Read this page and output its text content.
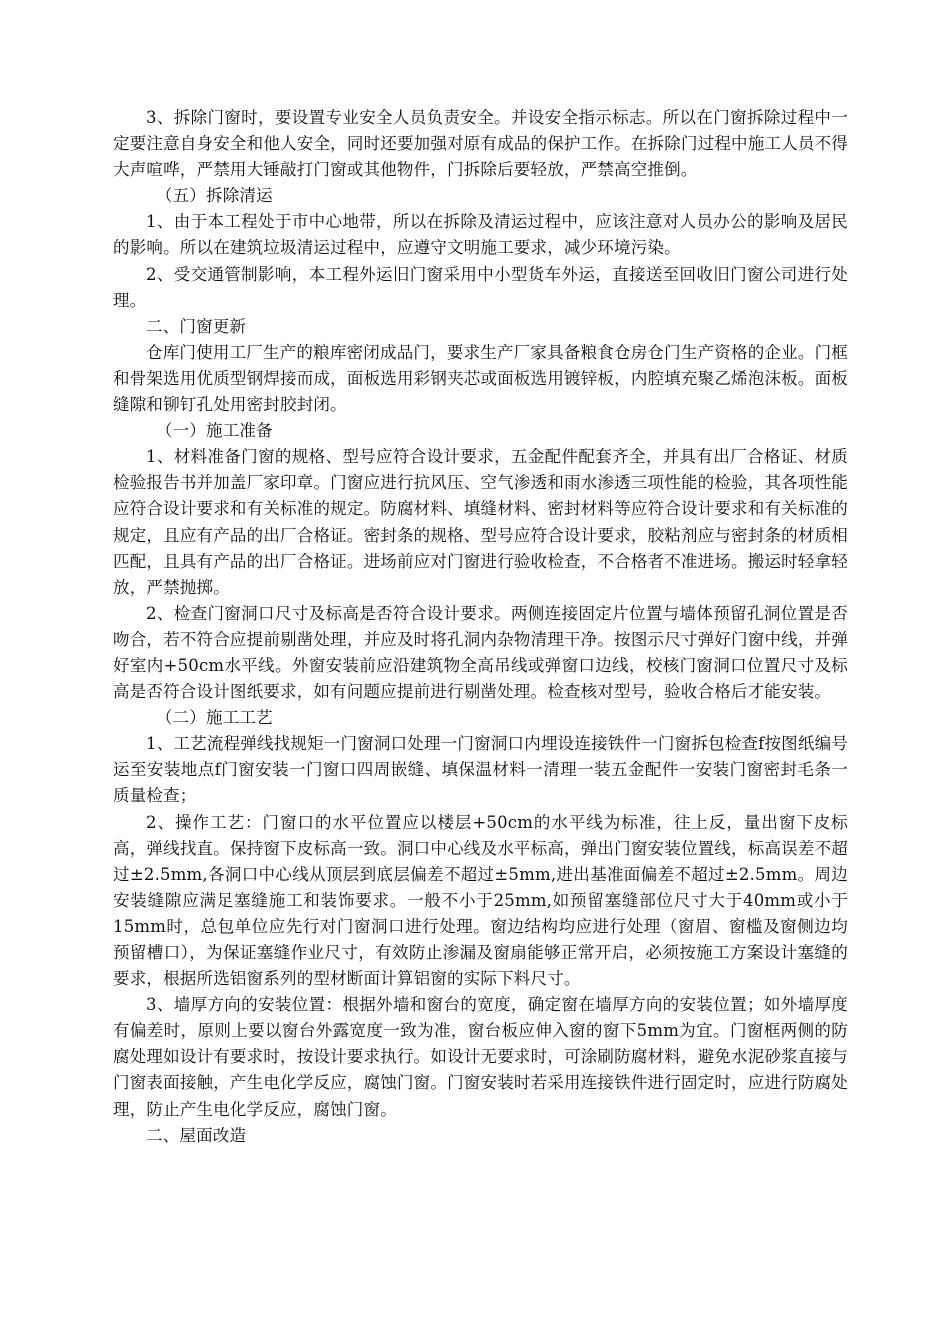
3、拆除门窗时，要设置专业安全人员负责安全。并设安全指示标志。所以在门窗拆除过程中一定要注意自身安全和他人安全，同时还要加强对原有成品的保护工作。在拆除门过程中施工人员不得大声喧哗，严禁用大锤敲打门窗或其他物件，门拆除后要轻放，严禁高空推倒。

（五）拆除清运

1、由于本工程处于市中心地带，所以在拆除及清运过程中，应该注意对人员办公的影响及居民的影响。所以在建筑垃圾清运过程中，应遵守文明施工要求，减少环境污染。

2、受交通管制影响，本工程外运旧门窗采用中小型货车外运，直接送至回收旧门窗公司进行处理。

二、门窗更新

仓库门使用工厂生产的粮库密闭成品门，要求生产厂家具备粮食仓房仓门生产资格的企业。门框和骨架选用优质型钢焊接而成，面板选用彩钢夹芯或面板选用镀锌板，内腔填充聚乙烯泡沫板。面板缝隙和铆钉孔处用密封胶封闭。

（一）施工准备

1、材料准备门窗的规格、型号应符合设计要求，五金配件配套齐全，并具有出厂合格证、材质检验报告书并加盖厂家印章。门窗应进行抗风压、空气渗透和雨水渗透三项性能的检验，其各项性能应符合设计要求和有关标准的规定。防腐材料、填缝材料、密封材料等应符合设计要求和有关标准的规定，且应有产品的出厂合格证。密封条的规格、型号应符合设计要求，胶粘剂应与密封条的材质相匹配，且具有产品的出厂合格证。进场前应对门窗进行验收检查，不合格者不准进场。搬运时轻拿轻放，严禁抛掷。

2、检查门窗洞口尺寸及标高是否符合设计要求。两侧连接固定片位置与墙体预留孔洞位置是否吻合，若不符合应提前剔凿处理，并应及时将孔洞内杂物清理干净。按图示尺寸弹好门窗中线，并弹好室内+50cm水平线。外窗安装前应沿建筑物全高吊线或弹窗口边线，校核门窗洞口位置尺寸及标高是否符合设计图纸要求，如有问题应提前进行剔凿处理。检查核对型号，验收合格后才能安装。

（二）施工工艺

1、工艺流程弹线找规矩一门窗洞口处理一门窗洞口内埋设连接铁件一门窗拆包检查f按图纸编号运至安装地点f门窗安装一门窗口四周嵌缝、填保温材料一清理一装五金配件一安装门窗密封毛条一质量检查；

2、操作工艺：门窗口的水平位置应以楼层+50cm的水平线为标准，往上反，量出窗下皮标高，弹线找直。保持窗下皮标高一致。洞口中心线及水平标高，弹出门窗安装位置线，标高误差不超过±2.5mm,各洞口中心线从顶层到底层偏差不超过±5mm,进出基准面偏差不超过±2.5mm。周边安装缝隙应满足塞缝施工和装饰要求。一般不小于25mm,如预留塞缝部位尺寸大于40mm或小于15mm时，总包单位应先行对门窗洞口进行处理。窗边结构均应进行处理（窗眉、窗槛及窗侧边均预留槽口），为保证塞缝作业尺寸，有效防止渗漏及窗扇能够正常开启，必须按施工方案设计塞缝的要求，根据所选铝窗系列的型材断面计算铝窗的实际下料尺寸。

3、墙厚方向的安装位置：根据外墙和窗台的宽度，确定窗在墙厚方向的安装位置；如外墙厚度有偏差时，原则上要以窗台外露宽度一致为准，窗台板应伸入窗的窗下5mm为宜。门窗框两侧的防腐处理如设计有要求时，按设计要求执行。如设计无要求时，可涂刷防腐材料，避免水泥砂浆直接与门窗表面接触，产生电化学反应，腐蚀门窗。门窗安装时若采用连接铁件进行固定时，应进行防腐处理，防止产生电化学反应，腐蚀门窗。

二、屋面改造
